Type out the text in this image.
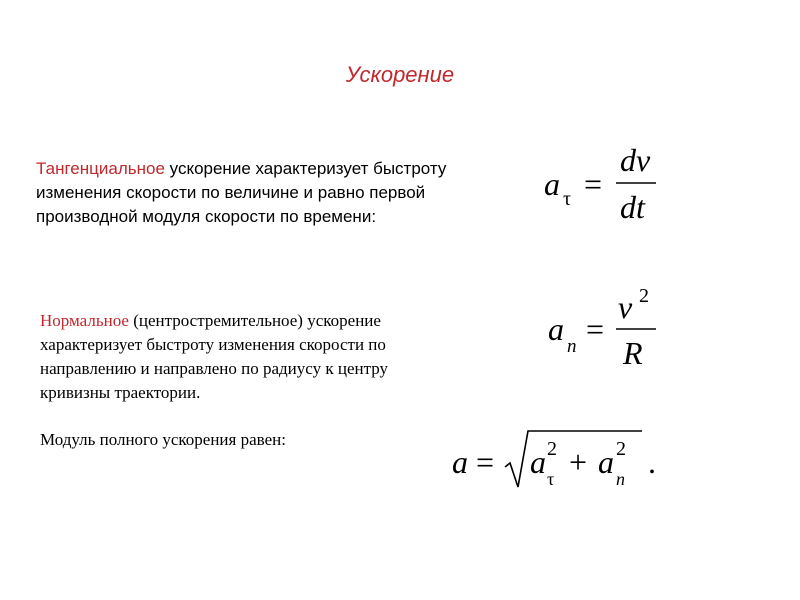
Ускорение
Тангенциальное ускорение характеризует быстроту
изменения скорости по величине и равно первой
производной модуля скорости по времени:
Нормальное (центростремительное) ускорение
характеризует быстроту изменения скорости по
направлению и направлено по радиусу к центру
кривизны траектории.
Модуль полного ускорения равен:
a τ =
dv
dt
a n =
v 2
R
a = a 2
τ + a 2
n .
